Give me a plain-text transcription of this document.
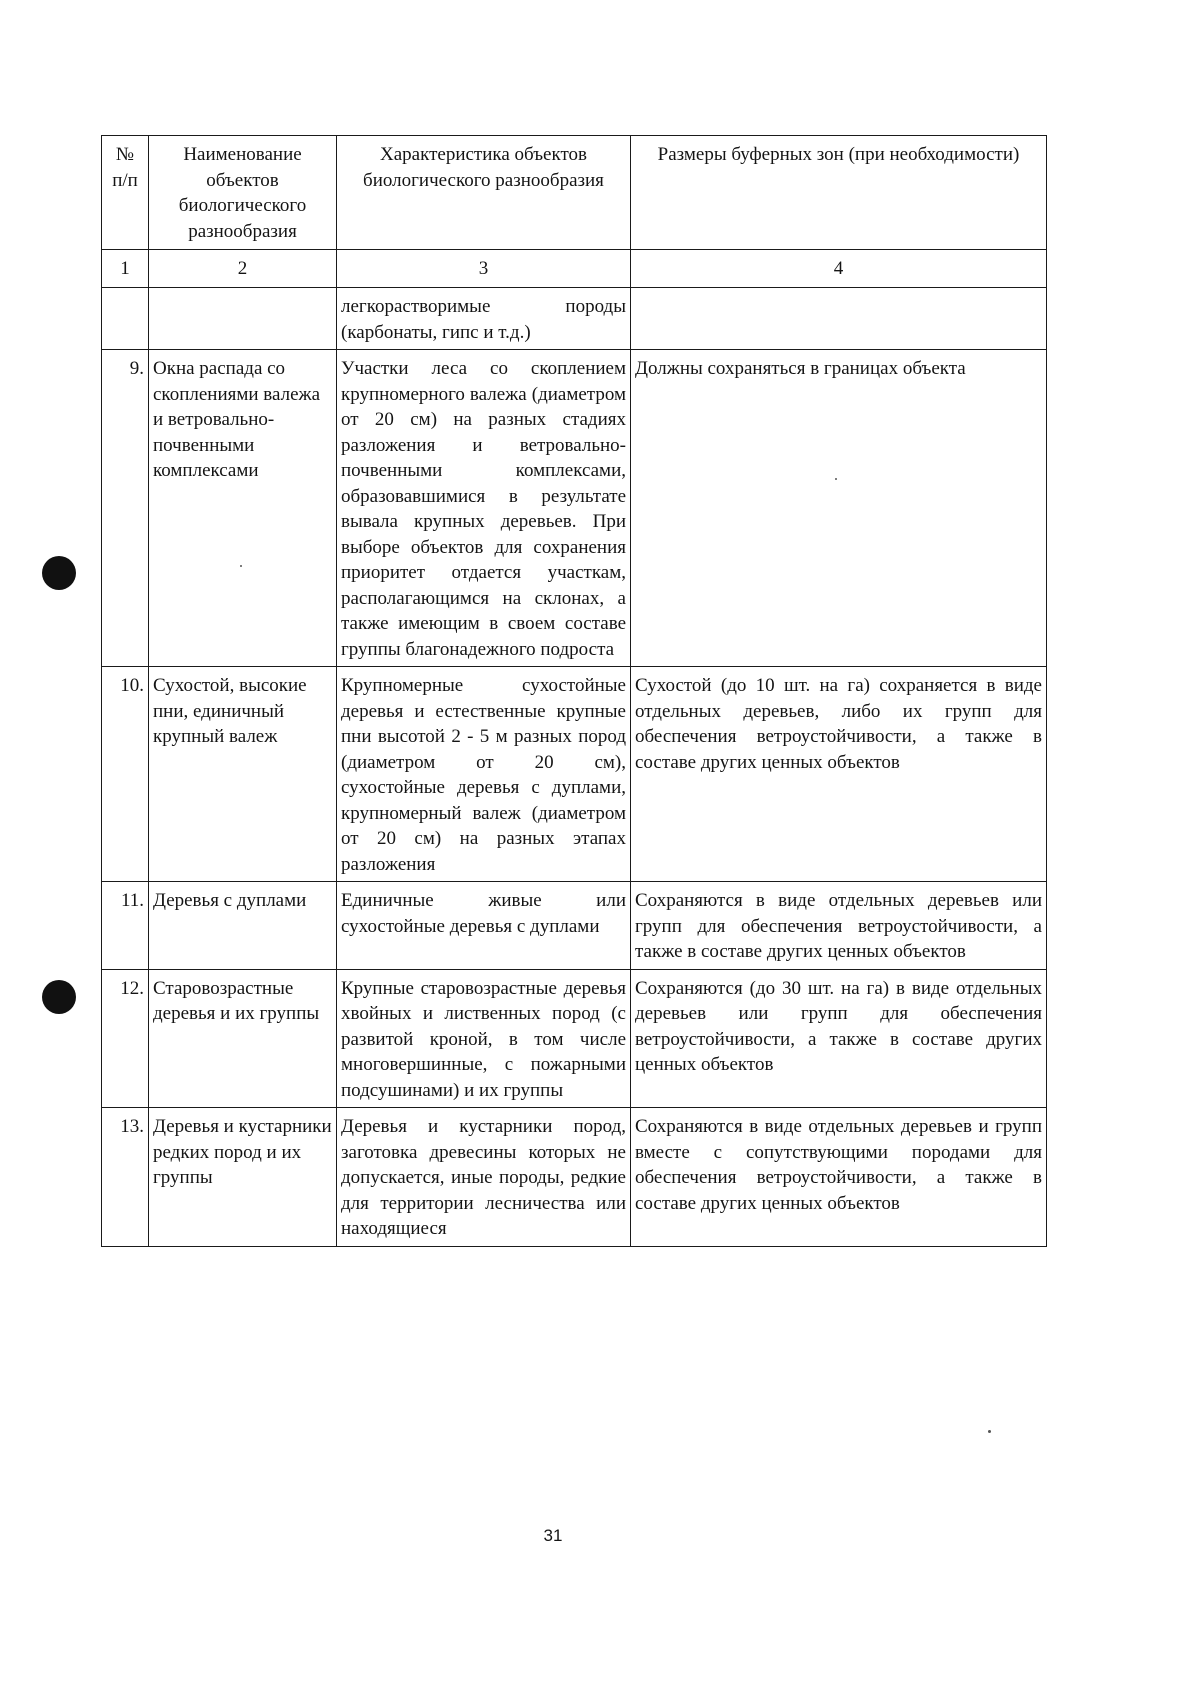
№ п/п	Наименование объектов биологического разнообразия	Характеристика объектов биологического разнообразия	Размеры буферных зон (при необходимости)
1	2	3	4
		легкорастворимые породы (карбонаты, гипс и т.д.)	
9.	Окна распада со скоплениями валежа и ветровально-почвенными комплексами	Участки леса со скоплением крупномерного валежа (диаметром от 20 см) на разных стадиях разложения и ветровально-почвенными комплексами, образовавшимися в результате вывала крупных деревьев. При выборе объектов для сохранения приоритет отдается участкам, располагающимся на склонах, а также имеющим в своем составе группы благонадежного подроста	Должны сохраняться в границах объекта
10.	Сухостой, высокие пни, единичный крупный валеж	Крупномерные сухостойные деревья и естественные крупные пни высотой 2 - 5 м разных пород (диаметром от 20 см), сухостойные деревья с дуплами, крупномерный валеж (диаметром от 20 см) на разных этапах разложения	Сухостой (до 10 шт. на га) сохраняется в виде отдельных деревьев, либо их групп для обеспечения ветроустойчивости, а также в составе других ценных объектов
11.	Деревья с дуплами	Единичные живые или сухостойные деревья с дуплами	Сохраняются в виде отдельных деревьев или групп для обеспечения ветроустойчивости, а также в составе других ценных объектов
12.	Старовозрастные деревья и их группы	Крупные старовозрастные деревья хвойных и лиственных пород (с развитой кроной, в том числе многовершинные, с пожарными подсушинами) и их группы	Сохраняются (до 30 шт. на га) в виде отдельных деревьев или групп для обеспечения ветроустойчивости, а также в составе других ценных объектов
13.	Деревья и кустарники редких пород и их группы	Деревья и кустарники пород, заготовка древесины которых не допускается, иные породы, редкие для территории лесничества или находящиеся	Сохраняются в виде отдельных деревьев и групп вместе с сопутствующими породами для обеспечения ветроустойчивости, а также в составе других ценных объектов
31
